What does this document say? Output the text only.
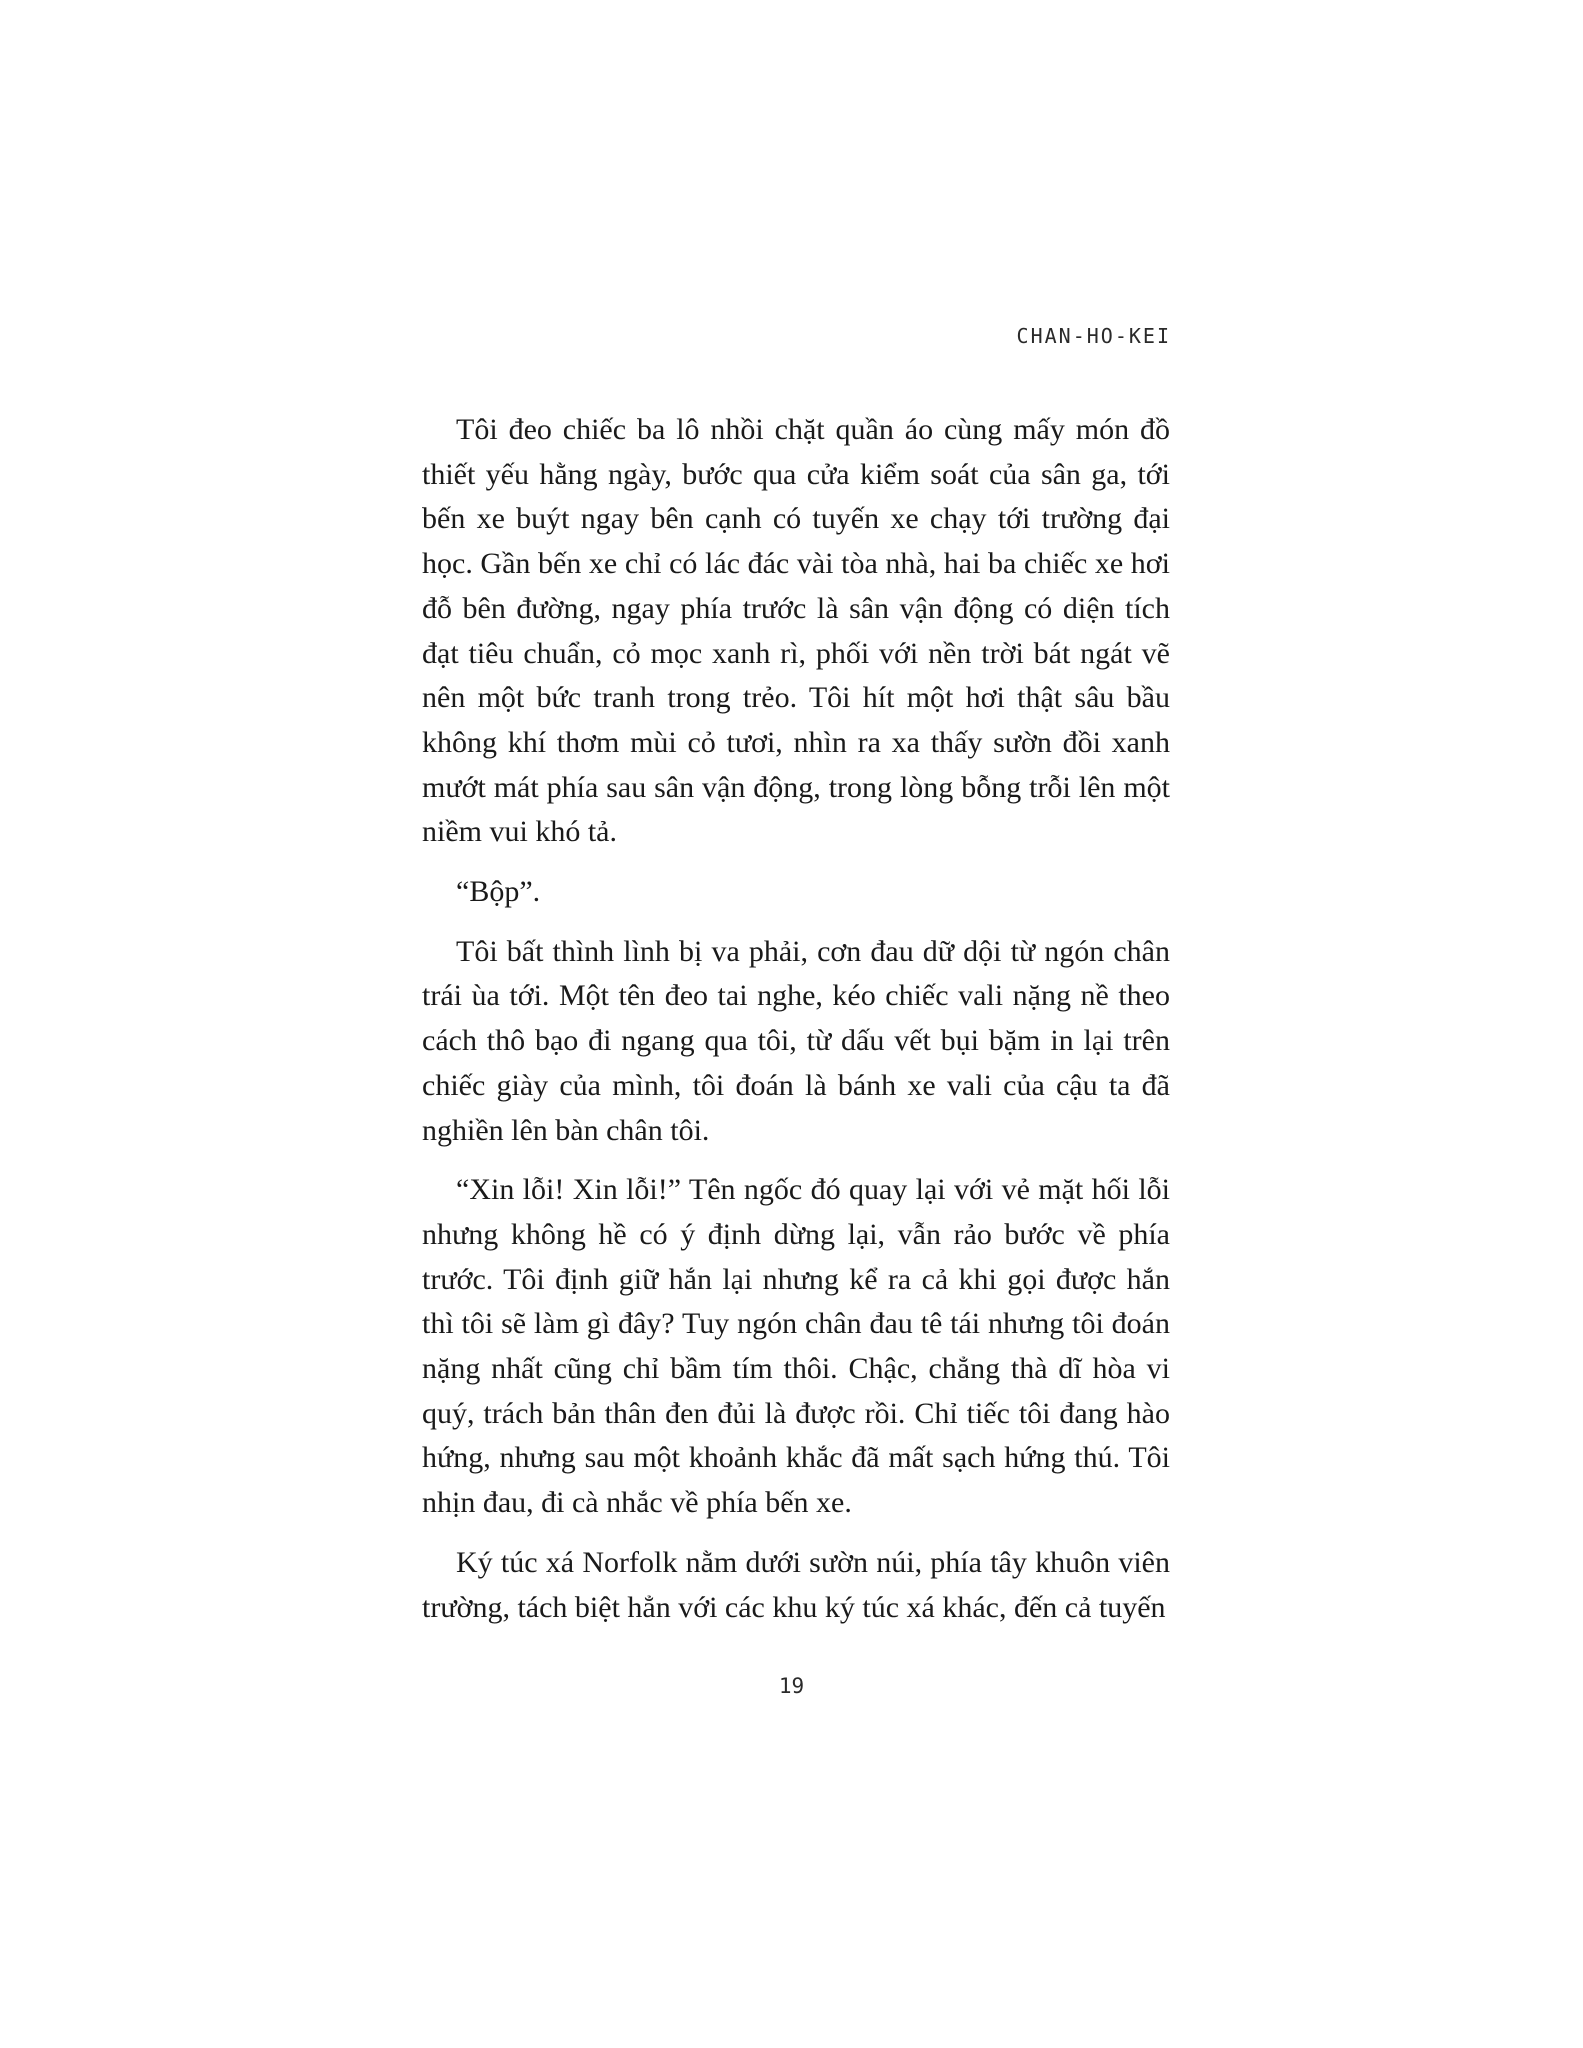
CHAN-HO-KEI

Tôi đeo chiếc ba lô nhồi chặt quần áo cùng mấy món đồ thiết yếu hằng ngày, bước qua cửa kiểm soát của sân ga, tới bến xe buýt ngay bên cạnh có tuyến xe chạy tới trường đại học. Gần bến xe chỉ có lác đác vài tòa nhà, hai ba chiếc xe hơi đỗ bên đường, ngay phía trước là sân vận động có diện tích đạt tiêu chuẩn, cỏ mọc xanh rì, phối với nền trời bát ngát vẽ nên một bức tranh trong trẻo. Tôi hít một hơi thật sâu bầu không khí thơm mùi cỏ tươi, nhìn ra xa thấy sườn đồi xanh mướt mát phía sau sân vận động, trong lòng bỗng trỗi lên một niềm vui khó tả.

“Bộp”.

Tôi bất thình lình bị va phải, cơn đau dữ dội từ ngón chân trái ùa tới. Một tên đeo tai nghe, kéo chiếc vali nặng nề theo cách thô bạo đi ngang qua tôi, từ dấu vết bụi bặm in lại trên chiếc giày của mình, tôi đoán là bánh xe vali của cậu ta đã nghiền lên bàn chân tôi.

“Xin lỗi! Xin lỗi!” Tên ngốc đó quay lại với vẻ mặt hối lỗi nhưng không hề có ý định dừng lại, vẫn rảo bước về phía trước. Tôi định giữ hắn lại nhưng kể ra cả khi gọi được hắn thì tôi sẽ làm gì đây? Tuy ngón chân đau tê tái nhưng tôi đoán nặng nhất cũng chỉ bầm tím thôi. Chậc, chẳng thà dĩ hòa vi quý, trách bản thân đen đủi là được rồi. Chỉ tiếc tôi đang hào hứng, nhưng sau một khoảnh khắc đã mất sạch hứng thú. Tôi nhịn đau, đi cà nhắc về phía bến xe.

Ký túc xá Norfolk nằm dưới sườn núi, phía tây khuôn viên trường, tách biệt hẳn với các khu ký túc xá khác, đến cả tuyến

19
